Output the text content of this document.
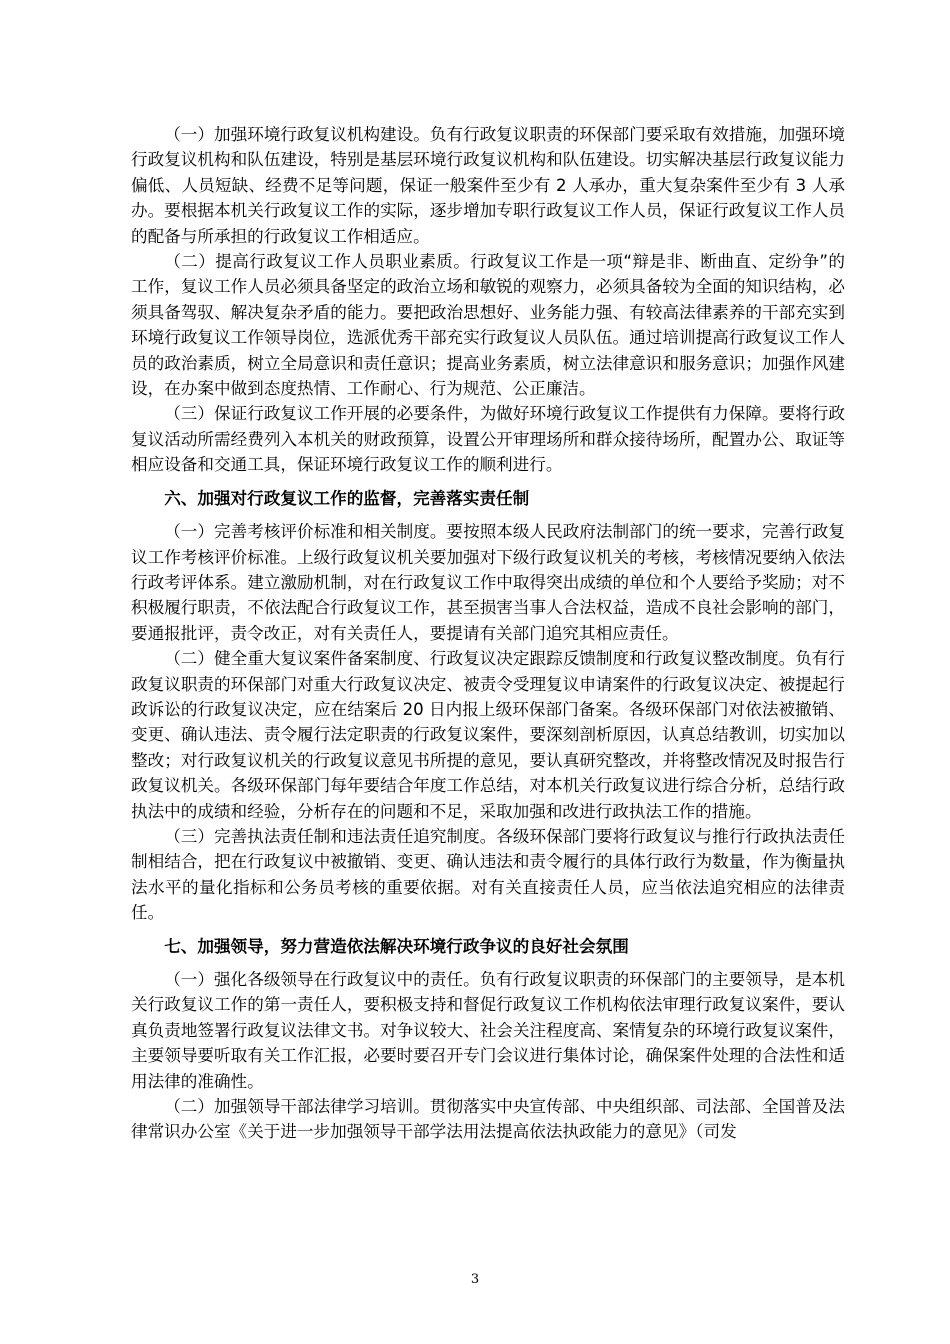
（一）加强环境行政复议机构建设。负有行政复议职责的环保部门要采取有效措施，加强环境行政复议机构和队伍建设，特别是基层环境行政复议机构和队伍建设。切实解决基层行政复议能力偏低、人员短缺、经费不足等问题，保证一般案件至少有 2 人承办，重大复杂案件至少有 3 人承办。要根据本机关行政复议工作的实际，逐步增加专职行政复议工作人员，保证行政复议工作人员的配备与所承担的行政复议工作相适应。

（二）提高行政复议工作人员职业素质。行政复议工作是一项“辩是非、断曲直、定纷争”的工作，复议工作人员必须具备坚定的政治立场和敏锐的观察力，必须具备较为全面的知识结构，必须具备驾驭、解决复杂矛盾的能力。要把政治思想好、业务能力强、有较高法律素养的干部充实到环境行政复议工作领导岗位，选派优秀干部充实行政复议人员队伍。通过培训提高行政复议工作人员的政治素质，树立全局意识和责任意识；提高业务素质，树立法律意识和服务意识；加强作风建设，在办案中做到态度热情、工作耐心、行为规范、公正廉洁。

（三）保证行政复议工作开展的必要条件，为做好环境行政复议工作提供有力保障。要将行政复议活动所需经费列入本机关的财政预算，设置公开审理场所和群众接待场所，配置办公、取证等相应设备和交通工具，保证环境行政复议工作的顺利进行。

六、加强对行政复议工作的监督，完善落实责任制

（一）完善考核评价标准和相关制度。要按照本级人民政府法制部门的统一要求，完善行政复议工作考核评价标准。上级行政复议机关要加强对下级行政复议机关的考核，考核情况要纳入依法行政考评体系。建立激励机制，对在行政复议工作中取得突出成绩的单位和个人要给予奖励；对不积极履行职责，不依法配合行政复议工作，甚至损害当事人合法权益，造成不良社会影响的部门，要通报批评，责令改正，对有关责任人，要提请有关部门追究其相应责任。

（二）健全重大复议案件备案制度、行政复议决定跟踪反馈制度和行政复议整改制度。负有行政复议职责的环保部门对重大行政复议决定、被责令受理复议申请案件的行政复议决定、被提起行政诉讼的行政复议决定，应在结案后 20 日内报上级环保部门备案。各级环保部门对依法被撤销、变更、确认违法、责令履行法定职责的行政复议案件，要深刻剖析原因，认真总结教训，切实加以整改；对行政复议机关的行政复议意见书所提的意见，要认真研究整改，并将整改情况及时报告行政复议机关。各级环保部门每年要结合年度工作总结，对本机关行政复议进行综合分析，总结行政执法中的成绩和经验，分析存在的问题和不足，采取加强和改进行政执法工作的措施。

（三）完善执法责任制和违法责任追究制度。各级环保部门要将行政复议与推行行政执法责任制相结合，把在行政复议中被撤销、变更、确认违法和责令履行的具体行政行为数量，作为衡量执法水平的量化指标和公务员考核的重要依据。对有关直接责任人员，应当依法追究相应的法律责任。

七、加强领导，努力营造依法解决环境行政争议的良好社会氛围

（一）强化各级领导在行政复议中的责任。负有行政复议职责的环保部门的主要领导，是本机关行政复议工作的第一责任人，要积极支持和督促行政复议工作机构依法审理行政复议案件，要认真负责地签署行政复议法律文书。对争议较大、社会关注程度高、案情复杂的环境行政复议案件，主要领导要听取有关工作汇报，必要时要召开专门会议进行集体讨论，确保案件处理的合法性和适用法律的准确性。

（二）加强领导干部法律学习培训。贯彻落实中央宣传部、中央组织部、司法部、全国普及法律常识办公室《关于进一步加强领导干部学法用法提高依法执政能力的意见》（司发

3
